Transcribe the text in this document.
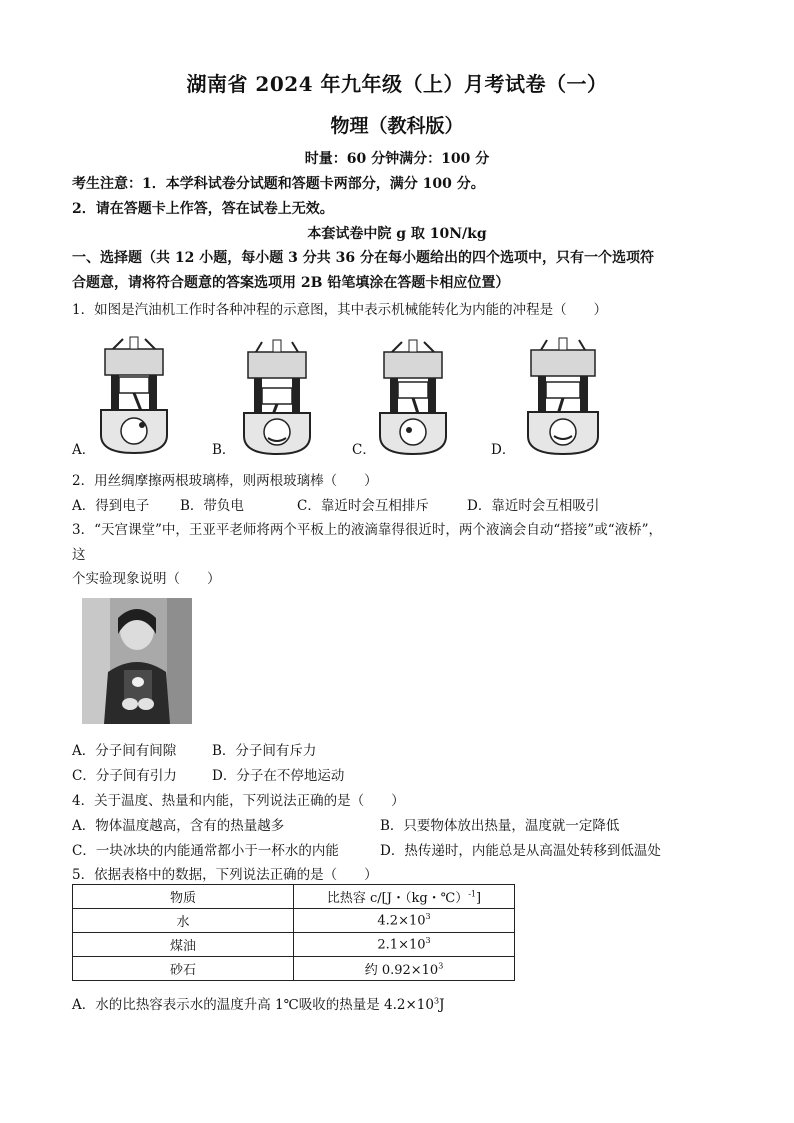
湖南省 2024 年九年级（上）月考试卷（一）
物理（教科版）
时量：60 分钟满分：100 分
考生注意：1．本学科试卷分试题和答题卡两部分，满分 100 分。
2．请在答题卡上作答，答在试卷上无效。
本套试卷中院 g 取 10N/kg
一、选择题（共 12 小题，每小题 3 分共 36 分在每小题给出的四个选项中，只有一个选项符
合题意，请将符合题意的答案选项用 2B 铅笔填涂在答题卡相应位置）
1．如图是汽油机工作时各种冲程的示意图，其中表示机械能转化为内能的冲程是（　　）
A．	B．	C．	D．
2．用丝绸摩擦两根玻璃棒，则两根玻璃棒（　　）
A．得到电子 B．带负电	C．靠近时会互相排斥	D．靠近时会互相吸引
3．“天宫课堂”中，王亚平老师将两个平板上的液滴靠得很近时，两个液滴会自动“搭接”或“液桥”，
这
个实验现象说明（　　）
A．分子间有间隙	B．分子间有斥力
C．分子间有引力	D．分子在不停地运动
4．关于温度、热量和内能，下列说法正确的是（　　）
A．物体温度越高，含有的热量越多	B．只要物体放出热量，温度就一定降低
C．一块冰块的内能通常都小于一杯水的内能	D．热传递时，内能总是从高温处转移到低温处
5．依据表格中的数据，下列说法正确的是（　　）
物质	比热容 c/[J・（kg・℃）$^{-1}$]
水	$4.2\times 10^3$
煤油	$2.1\times 10^3$
砂石	约 $0.92\times 10^3$
A．水的比热容表示水的温度升高 1℃吸收的热量是 $4.2\times 10^3J$
